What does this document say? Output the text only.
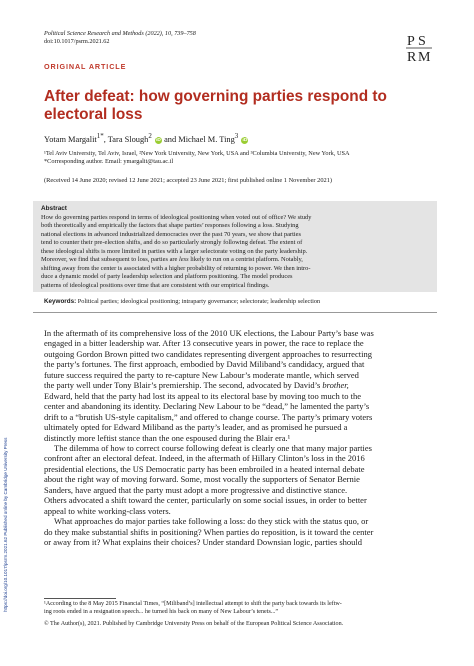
Political Science Research and Methods (2022), 10, 739–758
doi:10.1017/psrm.2021.62	P S
R M
ORIGINAL ARTICLE
After defeat: how governing parties respond to electoral loss
Yotam Margalit$^{1*}$, Tara Slough$^2$ iD and Michael M. Ting$^3$ iD
¹Tel Aviv University, Tel Aviv, Israel, ²New York University, New York, USA and ³Columbia University, New York, USA
*Corresponding author. Email: ymargalit@tau.ac.il
(Received 14 June 2020; revised 12 June 2021; accepted 23 June 2021; first published online 1 November 2021)
Abstract
How do governing parties respond in terms of ideological positioning when voted out of office? We study
both theoretically and empirically the factors that shape parties’ responses following a loss. Studying
national elections in advanced industrialized democracies over the past 70 years, we show that parties
tend to counter their pre-election shifts, and do so particularly strongly following defeat. The extent of
these ideological shifts is more limited in parties with a larger selectorate voting on the party leadership.
Moreover, we find that subsequent to loss, parties are less likely to run on a centrist platform. Notably,
shifting away from the center is associated with a higher probability of returning to power. We then intro-
duce a dynamic model of party leadership selection and platform positioning. The model produces
patterns of ideological positions over time that are consistent with our empirical findings.
Keywords: Political parties; ideological positioning; intraparty governance; selectorate; leadership selection
In the aftermath of its comprehensive loss of the 2010 UK elections, the Labour Party’s base was
engaged in a bitter leadership war. After 13 consecutive years in power, the race to replace the
outgoing Gordon Brown pitted two candidates representing divergent approaches to resurrecting
the party’s fortunes. The first approach, embodied by David Miliband’s candidacy, argued that
future success required the party to re-capture New Labour’s moderate mantle, which served
the party well under Tony Blair’s premiership. The second, advocated by David’s brother,
Edward, held that the party had lost its appeal to its electoral base by moving too much to the
center and abandoning its identity. Declaring New Labour to be “dead,” he lamented the party’s
drift to a “brutish US-style capitalism,” and offered to change course. The party’s primary voters
ultimately opted for Edward Miliband as the party’s leader, and as promised he pursued a
distinctly more leftist stance than the one espoused during the Blair era.¹
The dilemma of how to correct course following defeat is clearly one that many major parties
confront after an electoral defeat. Indeed, in the aftermath of Hillary Clinton’s loss in the 2016
presidential elections, the US Democratic party has been embroiled in a heated internal debate
about the right way of moving forward. Some, most vocally the supporters of Senator Bernie
Sanders, have argued that the party must adopt a more progressive and distinctive stance.
Others advocated a shift toward the center, particularly on some social issues, in order to better
appeal to white working-class voters.
What approaches do major parties take following a loss: do they stick with the status quo, or
do they make substantial shifts in positioning? When parties do reposition, is it toward the center
or away from it? What explains their choices? Under standard Downsian logic, parties should
https://doi.org/10.1017/psrm.2021.62 Published online by Cambridge University Press	¹According to the 8 May 2015 Financial Times, “[Miliband’s] intellectual attempt to shift the party back towards its leftw-
ing roots ended in a resignation speech... he turned his back on many of New Labour’s tenets...”
© The Author(s), 2021. Published by Cambridge University Press on behalf of the European Political Science Association.
